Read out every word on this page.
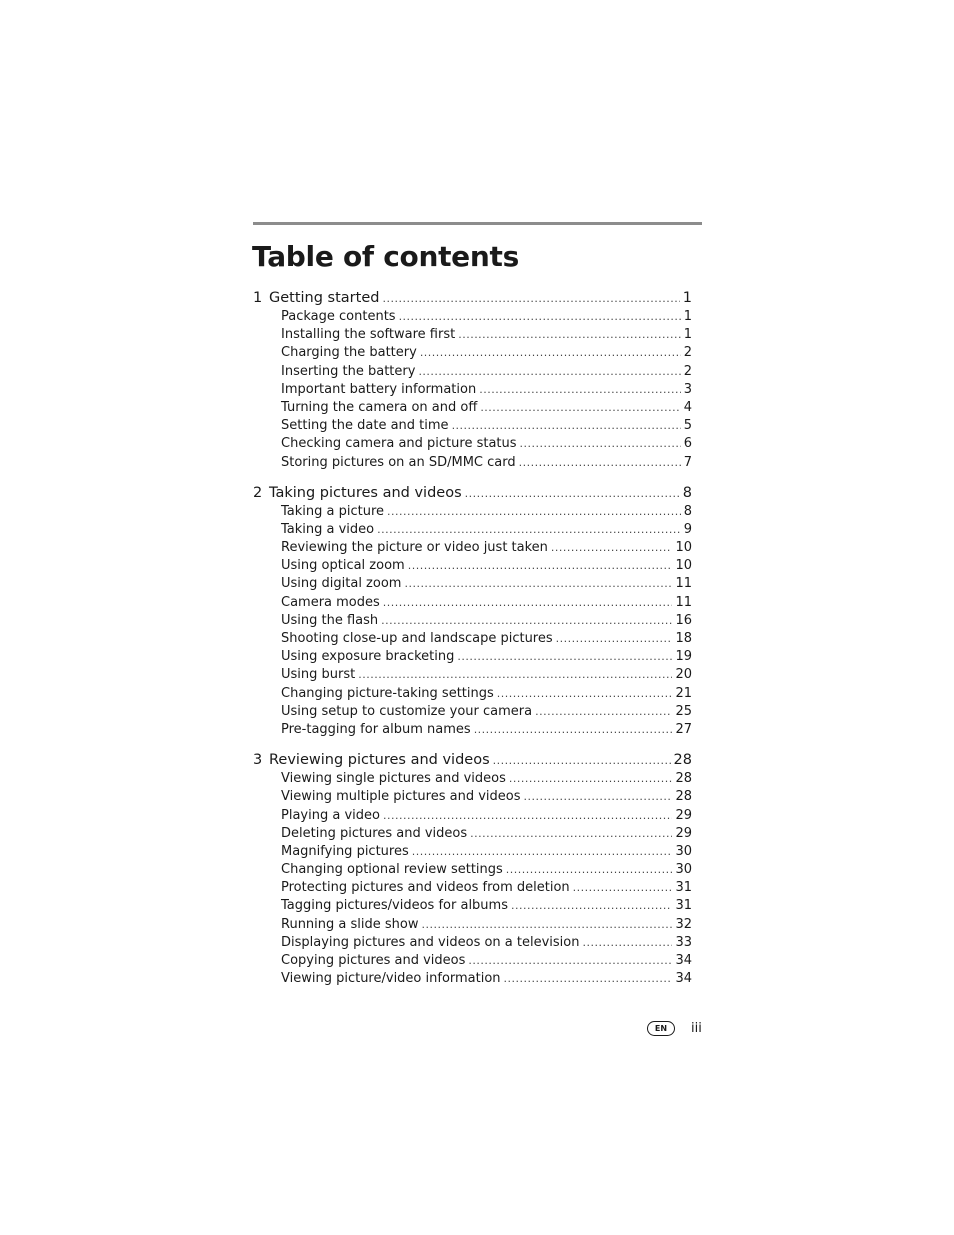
Table of contents
1 Getting started .....	1
Package contents .....	1
Installing the software first .....	1
Charging the battery .....	2
Inserting the battery .....	2
Important battery information .....	3
Turning the camera on and off .....	4
Setting the date and time .....	5
Checking camera and picture status .....	6
Storing pictures on an SD/MMC card .....	7
2 Taking pictures and videos .....	8
Taking a picture .....	8
Taking a video .....	9
Reviewing the picture or video just taken .....	10
Using optical zoom .....	10
Using digital zoom .....	11
Camera modes .....	11
Using the flash .....	16
Shooting close-up and landscape pictures .....	18
Using exposure bracketing .....	19
Using burst .....	20
Changing picture-taking settings .....	21
Using setup to customize your camera .....	25
Pre-tagging for album names .....	27
3 Reviewing pictures and videos .....	28
Viewing single pictures and videos .....	28
Viewing multiple pictures and videos .....	28
Playing a video .....	29
Deleting pictures and videos .....	29
Magnifying pictures .....	30
Changing optional review settings .....	30
Protecting pictures and videos from deletion .....	31
Tagging pictures/videos for albums .....	31
Running a slide show .....	32
Displaying pictures and videos on a television .....	33
Copying pictures and videos .....	34
Viewing picture/video information .....	34
EN	iii
